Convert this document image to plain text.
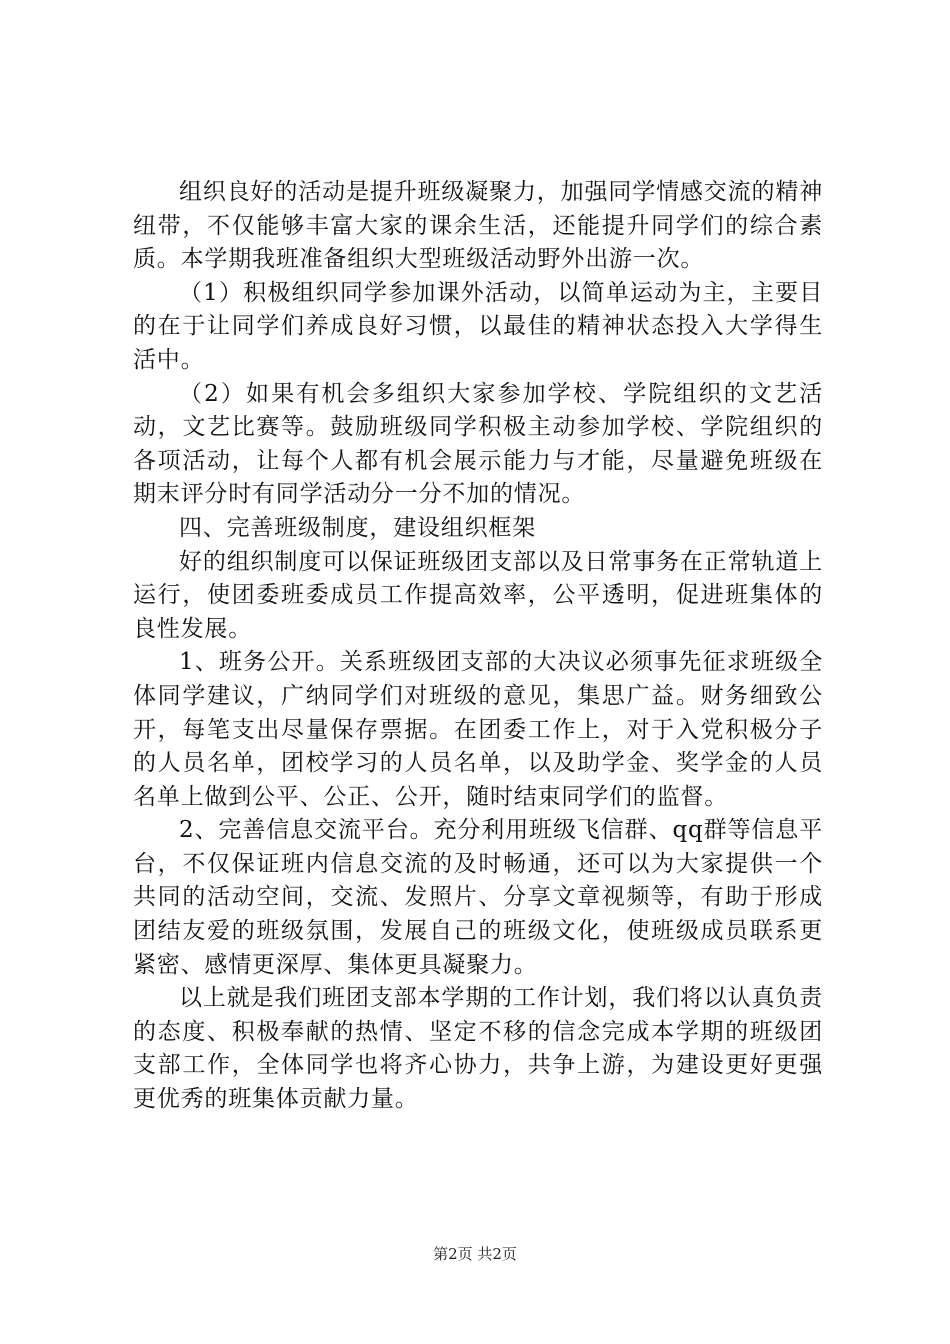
组织良好的活动是提升班级凝聚力，加强同学情感交流的精神纽带，不仅能够丰富大家的课余生活，还能提升同学们的综合素质。本学期我班准备组织大型班级活动野外出游一次。

（1）积极组织同学参加课外活动，以简单运动为主，主要目的在于让同学们养成良好习惯，以最佳的精神状态投入大学得生活中。

（2）如果有机会多组织大家参加学校、学院组织的文艺活动，文艺比赛等。鼓励班级同学积极主动参加学校、学院组织的各项活动，让每个人都有机会展示能力与才能，尽量避免班级在期末评分时有同学活动分一分不加的情况。

四、完善班级制度，建设组织框架

好的组织制度可以保证班级团支部以及日常事务在正常轨道上运行，使团委班委成员工作提高效率，公平透明，促进班集体的良性发展。

1、班务公开。关系班级团支部的大决议必须事先征求班级全体同学建议，广纳同学们对班级的意见，集思广益。财务细致公开，每笔支出尽量保存票据。在团委工作上，对于入党积极分子的人员名单，团校学习的人员名单，以及助学金、奖学金的人员名单上做到公平、公正、公开，随时结束同学们的监督。

2、完善信息交流平台。充分利用班级飞信群、qq群等信息平台，不仅保证班内信息交流的及时畅通，还可以为大家提供一个共同的活动空间，交流、发照片、分享文章视频等，有助于形成团结友爱的班级氛围，发展自己的班级文化，使班级成员联系更紧密、感情更深厚、集体更具凝聚力。

以上就是我们班团支部本学期的工作计划，我们将以认真负责的态度、积极奉献的热情、坚定不移的信念完成本学期的班级团支部工作，全体同学也将齐心协力，共争上游，为建设更好更强更优秀的班集体贡献力量。

第2页 共2页
